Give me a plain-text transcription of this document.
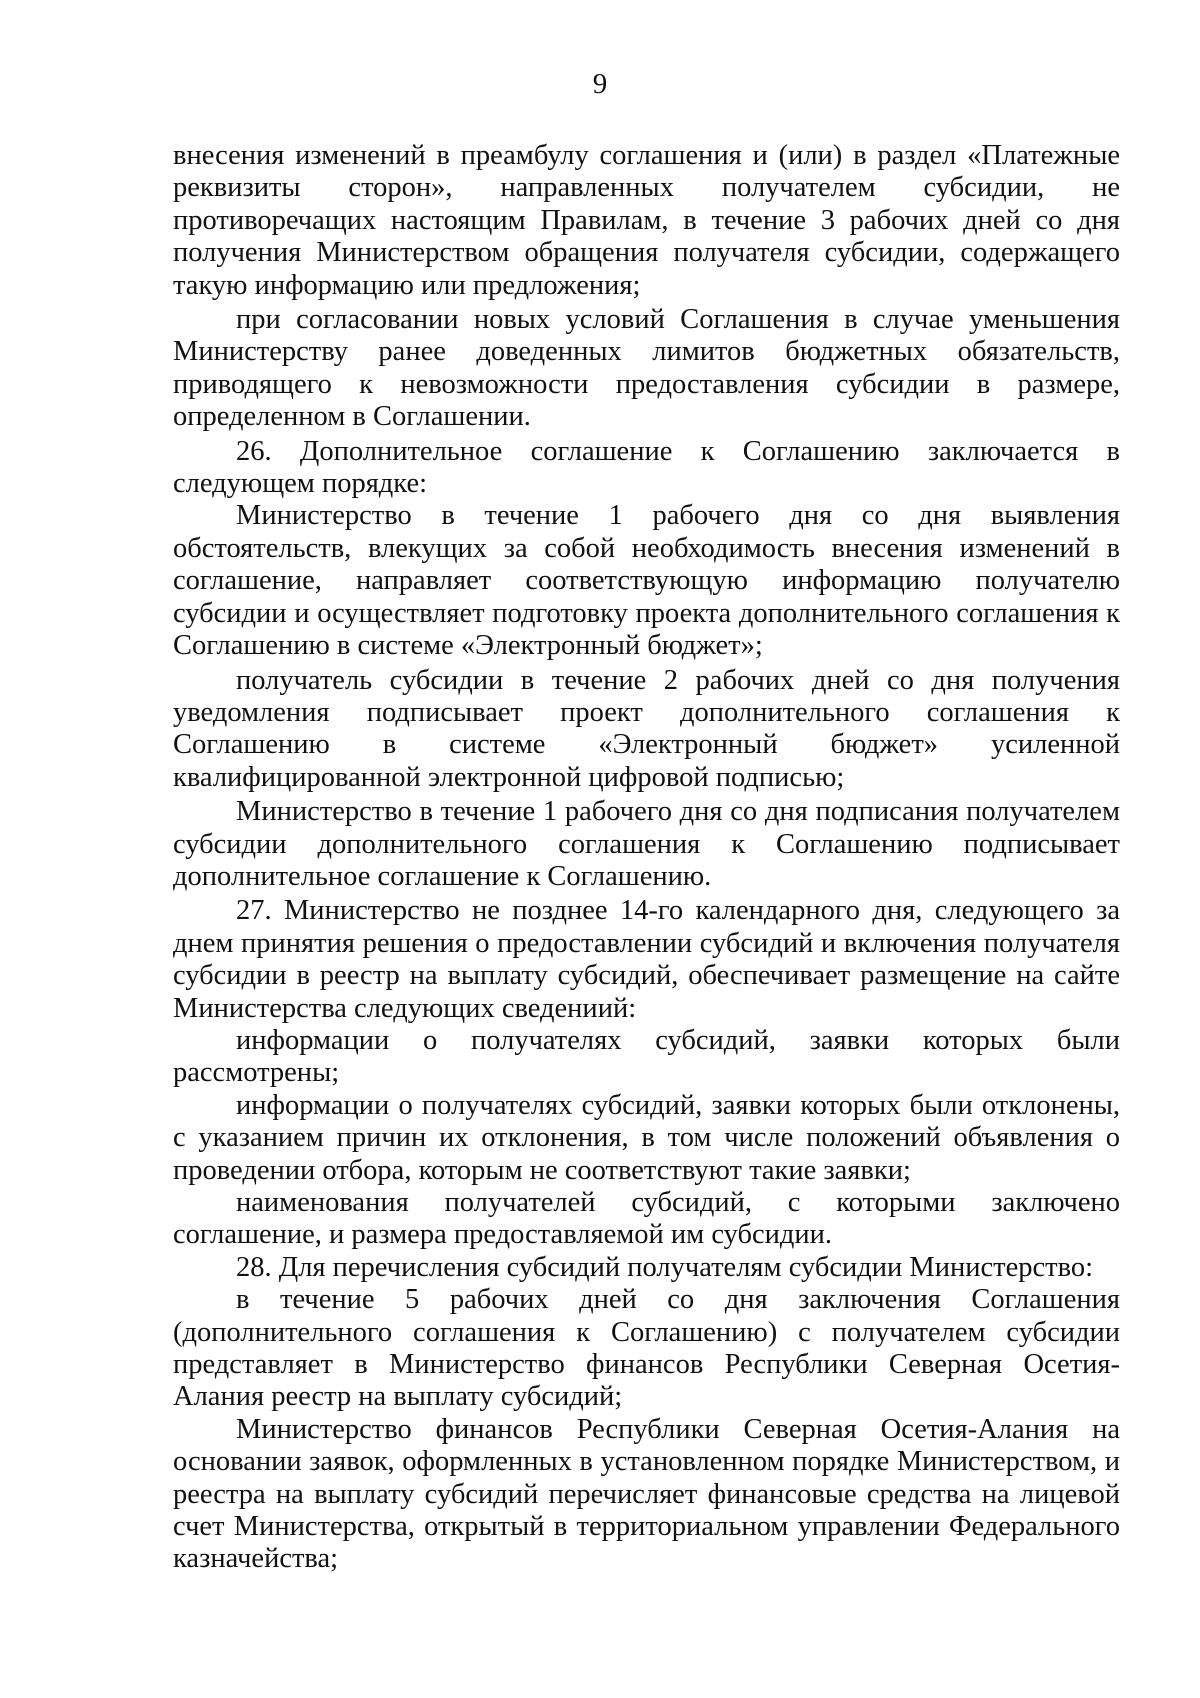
9

внесения изменений в преамбулу соглашения и (или) в раздел «Платежные реквизиты сторон», направленных получателем субсидии, не противоречащих настоящим Правилам, в течение 3 рабочих дней со дня получения Министерством обращения получателя субсидии, содержащего такую информацию или предложения;

при согласовании новых условий Соглашения в случае уменьшения Министерству ранее доведенных лимитов бюджетных обязательств, приводящего к невозможности предоставления субсидии в размере, определенном в Соглашении.

26. Дополнительное соглашение к Соглашению заключается в следующем порядке:

Министерство в течение 1 рабочего дня со дня выявления обстоятельств, влекущих за собой необходимость внесения изменений в соглашение, направляет соответствующую информацию получателю субсидии и осуществляет подготовку проекта дополнительного соглашения к Соглашению в системе «Электронный бюджет»;

получатель субсидии в течение 2 рабочих дней со дня получения уведомления подписывает проект дополнительного соглашения к Соглашению в системе «Электронный бюджет» усиленной квалифицированной электронной цифровой подписью;

Министерство в течение 1 рабочего дня со дня подписания получателем субсидии дополнительного соглашения к Соглашению подписывает дополнительное соглашение к Соглашению.

27. Министерство не позднее 14-го календарного дня, следующего за днем принятия решения о предоставлении субсидий и включения получателя субсидии в реестр на выплату субсидий, обеспечивает размещение на сайте Министерства следующих сведениий:

информации о получателях субсидий, заявки которых были рассмотрены;

информации о получателях субсидий, заявки которых были отклонены, с указанием причин их отклонения, в том числе положений объявления о проведении отбора, которым не соответствуют такие заявки;

наименования получателей субсидий, с которыми заключено соглашение, и размера предоставляемой им субсидии.

28. Для перечисления субсидий получателям субсидии Министерство:

в течение 5 рабочих дней со дня заключения Соглашения (дополнительного соглашения к Соглашению) с получателем субсидии представляет в Министерство финансов Республики Северная Осетия-Алания реестр на выплату субсидий;

Министерство финансов Республики Северная Осетия-Алания на основании заявок, оформленных в установленном порядке Министерством, и реестра на выплату субсидий перечисляет финансовые средства на лицевой счет Министерства, открытый в территориальном управлении Федерального казначейства;
